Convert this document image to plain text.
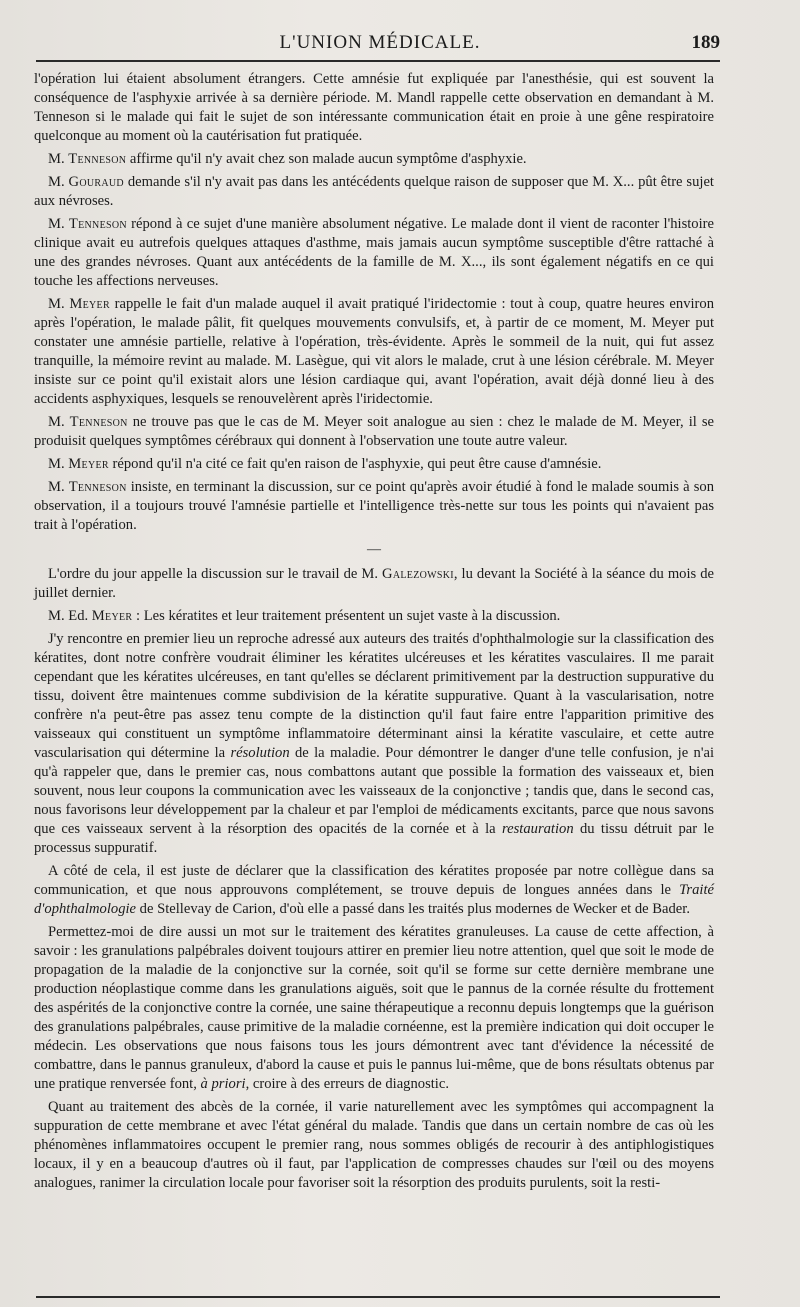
L'UNION MÉDICALE.	189

l'opération lui étaient absolument étrangers. Cette amnésie fut expliquée par l'anesthésie, qui est souvent la conséquence de l'asphyxie arrivée à sa dernière période. M. Mandl rappelle cette observation en demandant à M. Tenneson si le malade qui fait le sujet de son intéressante communication était en proie à une gêne respiratoire quelconque au moment où la cautérisation fut pratiquée.

M. Tenneson affirme qu'il n'y avait chez son malade aucun symptôme d'asphyxie.

M. Gouraud demande s'il n'y avait pas dans les antécédents quelque raison de supposer que M. X... pût être sujet aux névroses.

M. Tenneson répond à ce sujet d'une manière absolument négative. Le malade dont il vient de raconter l'histoire clinique avait eu autrefois quelques attaques d'asthme, mais jamais aucun symptôme susceptible d'être rattaché à une des grandes névroses. Quant aux antécédents de la famille de M. X..., ils sont également négatifs en ce qui touche les affections nerveuses.

M. Meyer rappelle le fait d'un malade auquel il avait pratiqué l'iridectomie : tout à coup, quatre heures environ après l'opération, le malade pâlit, fit quelques mouvements convulsifs, et, à partir de ce moment, M. Meyer put constater une amnésie partielle, relative à l'opération, très-évidente. Après le sommeil de la nuit, qui fut assez tranquille, la mémoire revint au malade. M. Lasègue, qui vit alors le malade, crut à une lésion cérébrale. M. Meyer insiste sur ce point qu'il existait alors une lésion cardiaque qui, avant l'opération, avait déjà donné lieu à des accidents asphyxiques, lesquels se renouvelèrent après l'iridectomie.

M. Tenneson ne trouve pas que le cas de M. Meyer soit analogue au sien : chez le malade de M. Meyer, il se produisit quelques symptômes cérébraux qui donnent à l'observation une toute autre valeur.

M. Meyer répond qu'il n'a cité ce fait qu'en raison de l'asphyxie, qui peut être cause d'amnésie.

M. Tenneson insiste, en terminant la discussion, sur ce point qu'après avoir étudié à fond le malade soumis à son observation, il a toujours trouvé l'amnésie partielle et l'intelligence très-nette sur tous les points qui n'avaient pas trait à l'opération.

—

L'ordre du jour appelle la discussion sur le travail de M. Galezowski, lu devant la Société à la séance du mois de juillet dernier.

M. Ed. Meyer : Les kératites et leur traitement présentent un sujet vaste à la discussion.

J'y rencontre en premier lieu un reproche adressé aux auteurs des traités d'ophthalmologie sur la classification des kératites, dont notre confrère voudrait éliminer les kératites ulcéreuses et les kératites vasculaires. Il me parait cependant que les kératites ulcéreuses, en tant qu'elles se déclarent primitivement par la destruction suppurative du tissu, doivent être maintenues comme subdivision de la kératite suppurative. Quant à la vascularisation, notre confrère n'a peut-être pas assez tenu compte de la distinction qu'il faut faire entre l'apparition primitive des vaisseaux qui constituent un symptôme inflammatoire déterminant ainsi la kératite vasculaire, et cette autre vascularisation qui détermine la résolution de la maladie. Pour démontrer le danger d'une telle confusion, je n'ai qu'à rappeler que, dans le premier cas, nous combattons autant que possible la formation des vaisseaux et, bien souvent, nous leur coupons la communication avec les vaisseaux de la conjonctive ; tandis que, dans le second cas, nous favorisons leur développement par la chaleur et par l'emploi de médicaments excitants, parce que nous savons que ces vaisseaux servent à la résorption des opacités de la cornée et à la restauration du tissu détruit par le processus suppuratif.

A côté de cela, il est juste de déclarer que la classification des kératites proposée par notre collègue dans sa communication, et que nous approuvons complétement, se trouve depuis de longues années dans le Traité d'ophthalmologie de Stellevay de Carion, d'où elle a passé dans les traités plus modernes de Wecker et de Bader.

Permettez-moi de dire aussi un mot sur le traitement des kératites granuleuses. La cause de cette affection, à savoir : les granulations palpébrales doivent toujours attirer en premier lieu notre attention, quel que soit le mode de propagation de la maladie de la conjonctive sur la cornée, soit qu'il se forme sur cette dernière membrane une production néoplastique comme dans les granulations aiguës, soit que le pannus de la cornée résulte du frottement des aspérités de la conjonctive contre la cornée, une saine thérapeutique a reconnu depuis longtemps que la guérison des granulations palpébrales, cause primitive de la maladie cornéenne, est la première indication qui doit occuper le médecin. Les observations que nous faisons tous les jours démontrent avec tant d'évidence la nécessité de combattre, dans le pannus granuleux, d'abord la cause et puis le pannus lui-même, que de bons résultats obtenus par une pratique renversée font, à priori, croire à des erreurs de diagnostic.

Quant au traitement des abcès de la cornée, il varie naturellement avec les symptômes qui accompagnent la suppuration de cette membrane et avec l'état général du malade. Tandis que dans un certain nombre de cas où les phénomènes inflammatoires occupent le premier rang, nous sommes obligés de recourir à des antiphlogistiques locaux, il y en a beaucoup d'autres où il faut, par l'application de compresses chaudes sur l'œil ou des moyens analogues, ranimer la circulation locale pour favoriser soit la résorption des produits purulents, soit la resti-
